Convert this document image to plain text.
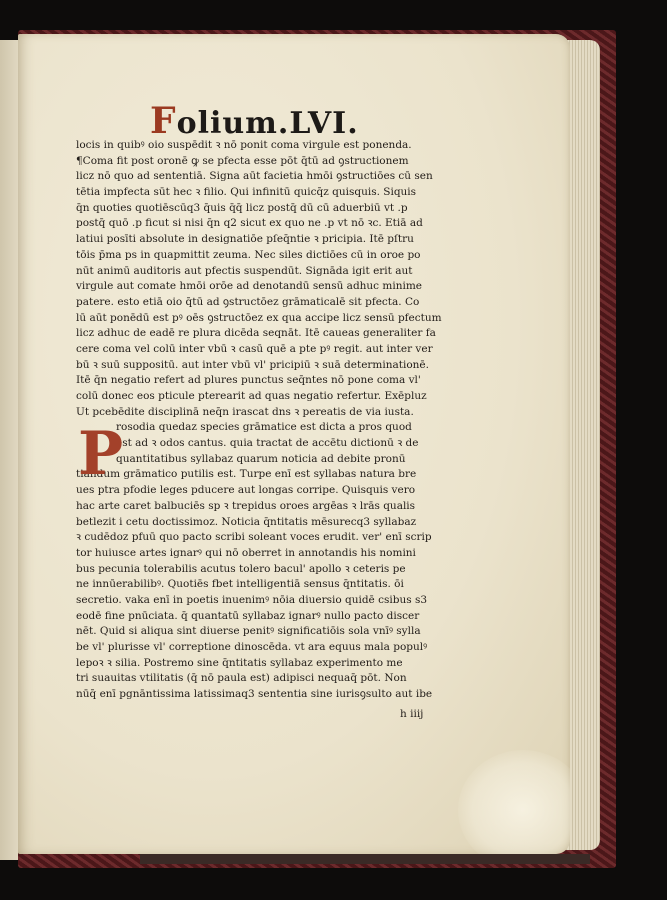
Folium.LVI.
locis in quibꝰ oio suspēdit ꝛ nō ponit coma virgule est ponenda.
¶Coma fit post oronē ꝙ se pfecta esse pōt q̄tū ad ꝯstructionem
licz nō quo ad sententiā. Signa aūt facietia hmōi ꝯstructiōes cū sen
tētia impfecta sūt hec ꝛ filio. Qui infinitū quicq̄z quisquis. Siquis
q̄n quoties quotiēscūq3 q̄uis q̄q̄ licz postq̄ dū cū aduerbiū vt .p
postq̄ quō .p ficut si nisi q̄n q2 sicut ex quo ne .p vt nō ꝛc. Etiā ad
latiui posīti absolute in designatiōe pſeq̄ntie ꝛ pricipia. Itē pſtru
tōis p̄ma ps in quapmittit zeuma. Nec siles dictiōes cū in oroe po
nūt animū auditoris aut pfectis suspendūt. Signāda igit erit aut
virgule aut comate hmōi orōe ad denotandū sensū adhuc minime
patere. esto etiā oio q̄tū ad ꝯstructōez grāmaticalē sit pfecta. Co
lū aūt ponēdū est pꝰ oēs ꝯstructōez ex qua accipe licz sensū pfectum
licz adhuc de eadē re plura dicēda seqnāt. Itē caueas generaliter fa
cere coma vel colū inter vbū ꝛ casū quē a pte pꝰ regit. aut inter ver
bū ꝛ suū suppositū. aut inter vbū vl' pricipiū ꝛ suā determinationē.
Itē q̄n negatio refert ad plures punctus seq̄ntes nō pone coma vl'
colū donec eos pticule pterearit ad quas negatio refertur. Exēpluz
Ut pcebēdite disciplinā neq̄n irascat dns ꝛ pereatis de via iusta.
rosodia quedaz species grāmatice est dicta a pros quod
est ad ꝛ odos cantus. quia tractat de accētu dictionū ꝛ de
quantitatibus syllabaz quarum noticia ad debite pronū
tiandum grāmatico putilis est. Turpe enī est syllabas natura bre
ues ptra pfodie leges pducere aut longas corripe. Quisquis vero
hac arte caret balbuciēs sp ꝛ trepidus oroes argēas ꝛ lrās qualis
betlezit i cetu doctissimoz. Noticia q̄ntitatis mēsurecq3 syllabaz
ꝛ cudēdoz pfuū quo pacto scribi soleant voces erudit. ver' enī scrip
tor huiusce artes ignarꝰ qui nō oberret in annotandis his nomini
bus pecunia tolerabilis acutus tolero bacul' apollo ꝛ ceteris pe
ne innūerabilibꝰ. Quotiēs fbet intelligentiā sensus q̄ntitatis. ōi
secretio. vaka enī in poetis inuenimꝰ nōia diuersio quidē csibus s3
eodē fine pnūciata. q̄ quantatū syllabaz ignarꝰ nullo pacto discer
nēt. Quid si aliqua sint diuerse penitꝰ significatiōis sola vnīꝰ sylla
be vl' plurisse vl' correptione dinoscēda. vt ara equus mala populꝰ
lepoꝛ ꝛ silia. Postremo sine q̄ntitatis syllabaz experimento me
tri suauitas vtilitatis (q̄ nō paula est) adipisci nequaq̄ pōt. Non
nūq̄ enī pgnāntissima latissimaq3 sententia sine iurisꝯsulto aut ibe
P
h iiij
